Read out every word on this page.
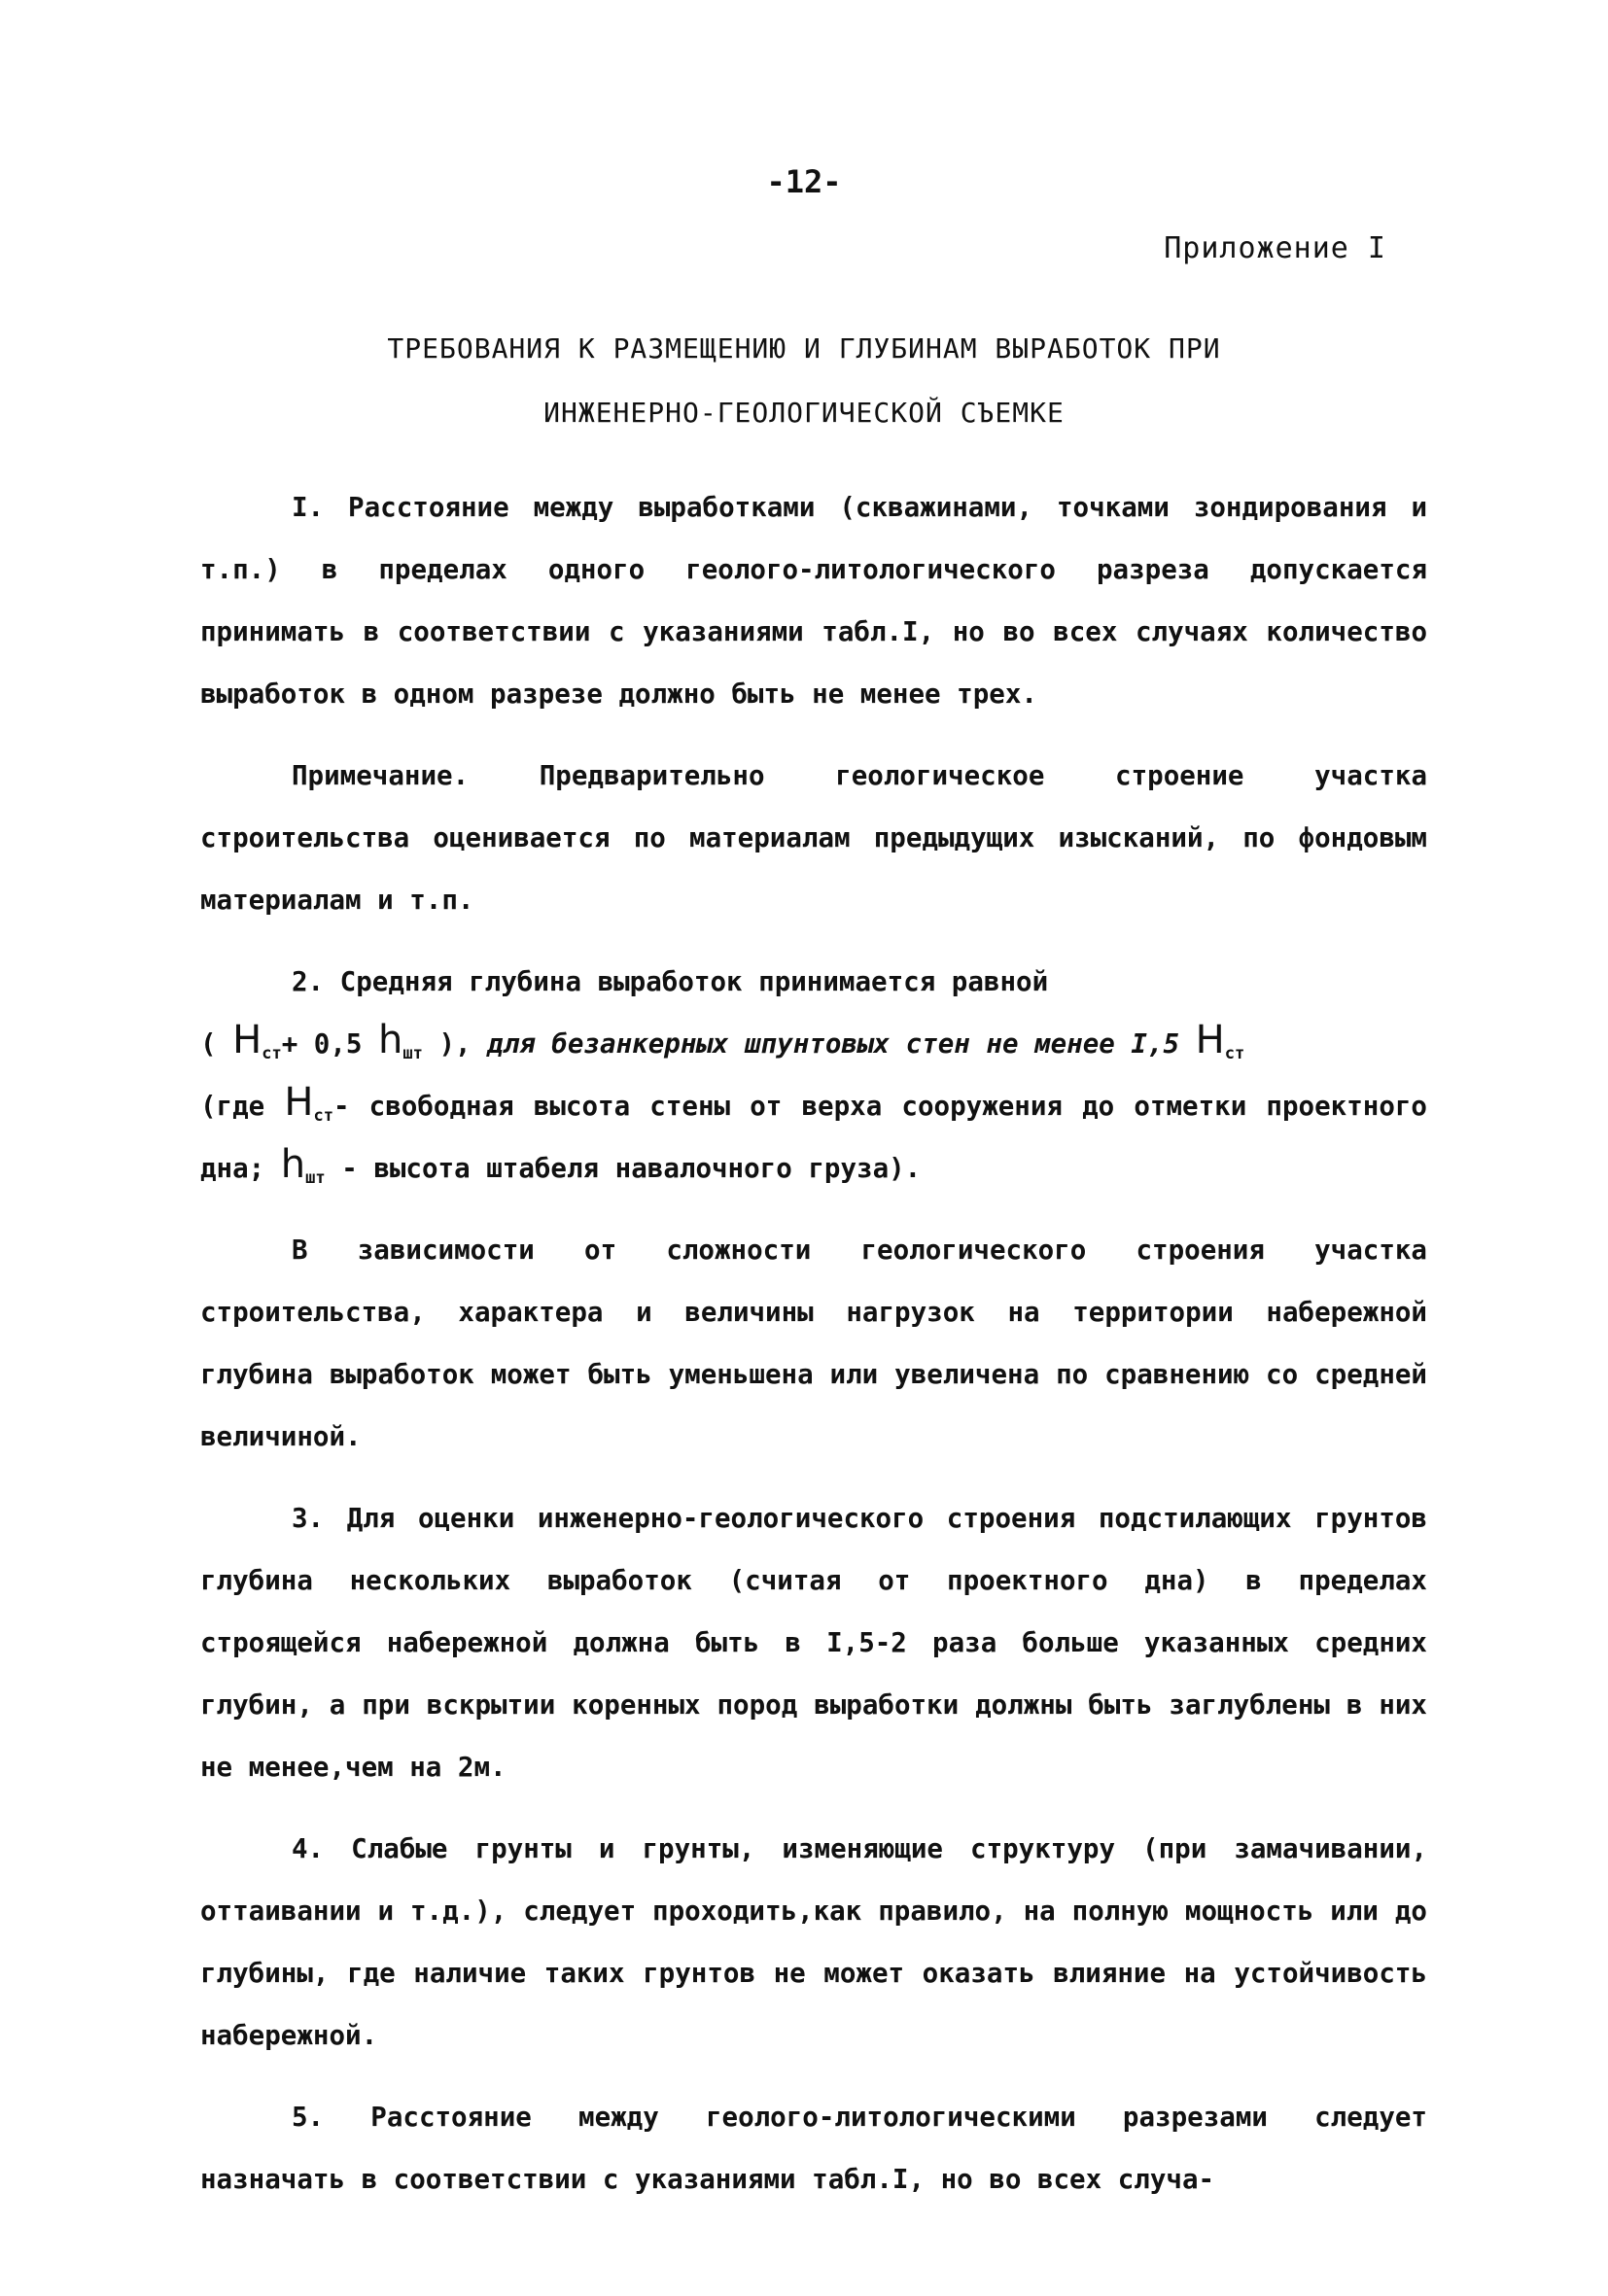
-12-
Приложение I
ТРЕБОВАНИЯ К РАЗМЕЩЕНИЮ И ГЛУБИНАМ ВЫРАБОТОК ПРИ
ИНЖЕНЕРНО-ГЕОЛОГИЧЕСКОЙ СЪЕМКЕ

I. Расстояние между выработками (скважинами, точками зондирования и т.п.) в пределах одного геолого-литологического разреза допускается принимать в соответствии с указаниями табл.I, но во всех случаях количество выработок в одном разрезе должно быть не менее трех.

Примечание. Предварительно геологическое строение участка строительства оценивается по материалам предыдущих изысканий, по фондовым материалам и т.п.

2. Средняя глубина выработок принимается равной
( $H_{ст}+ 0,5$ $h_{шт}$ ), для безанкерных шпунтовых стен не менее I,5 $H_{ст}$
(где $H_{ст}-$ свободная высота стены от верха сооружения до отметки проектного дна; $h_{шт}$ - высота штабеля навалочного груза).

В зависимости от сложности геологического строения участка строительства, характера и величины нагрузок на территории набережной глубина выработок может быть уменьшена или увеличена по сравнению со средней величиной.

3. Для оценки инженерно-геологического строения подстилающих грунтов глубина нескольких выработок (считая от проектного дна) в пределах строящейся набережной должна быть в I,5-2 раза больше указанных средних глубин, а при вскрытии коренных пород выработки должны быть заглублены в них не менее,чем на 2м.

4. Слабые грунты и грунты, изменяющие структуру (при замачивании, оттаивании и т.д.), следует проходить,как правило, на полную мощность или до глубины, где наличие таких грунтов не может оказать влияние на устойчивость набережной.

5. Расстояние между геолого-литологическими разрезами следует назначать в соответствии с указаниями табл.I, но во всех случа-
